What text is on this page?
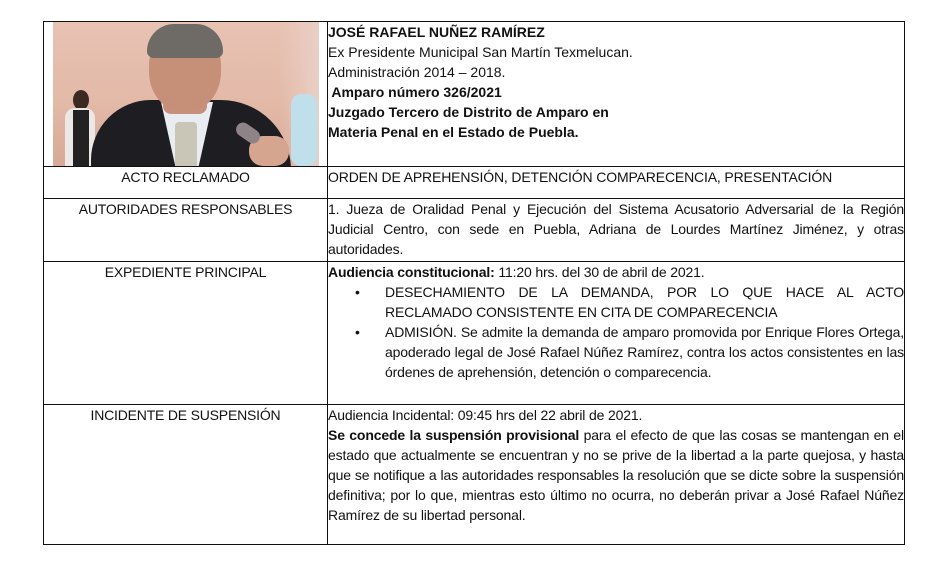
JOSÉ RAFAEL NUÑEZ RAMÍREZ
Ex Presidente Municipal San Martín Texmelucan.
Administración 2014 – 2018.
Amparo número 326/2021
Juzgado Tercero de Distrito de Amparo en
Materia Penal en el Estado de Puebla.

ACTO RECLAMADO	ORDEN DE APREHENSIÓN, DETENCIÓN COMPARECENCIA, PRESENTACIÓN
AUTORIDADES RESPONSABLES	1. Jueza de Oralidad Penal y Ejecución del Sistema Acusatorio Adversarial de la Región Judicial Centro, con sede en Puebla, Adriana de Lourdes Martínez Jiménez, y otras autoridades.
EXPEDIENTE PRINCIPAL	Audiencia constitucional: 11:20 hrs. del 30 de abril de 2021.
• DESECHAMIENTO DE LA DEMANDA, POR LO QUE HACE AL ACTO RECLAMADO CONSISTENTE EN CITA DE COMPARECENCIA
• ADMISIÓN. Se admite la demanda de amparo promovida por Enrique Flores Ortega, apoderado legal de José Rafael Núñez Ramírez, contra los actos consistentes en las órdenes de aprehensión, detención o comparecencia.

INCIDENTE DE SUSPENSIÓN	Audiencia Incidental: 09:45 hrs del 22 abril de 2021.
Se concede la suspensión provisional para el efecto de que las cosas se mantengan en el estado que actualmente se encuentran y no se prive de la libertad a la parte quejosa, y hasta que se notifique a las autoridades responsables la resolución que se dicte sobre la suspensión definitiva; por lo que, mientras esto último no ocurra, no deberán privar a José Rafael Núñez Ramírez de su libertad personal.
